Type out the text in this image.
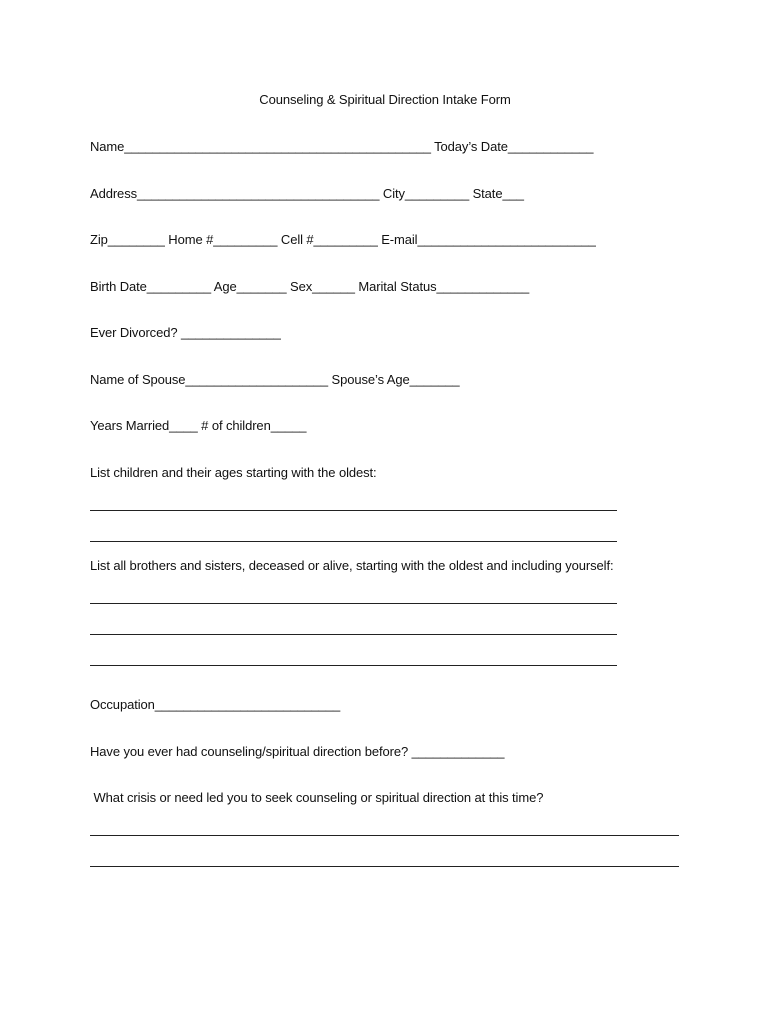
Counseling & Spiritual Direction Intake Form
Name___________________________________________ Today’s Date____________
Address__________________________________ City_________ State___
Zip________ Home #_________ Cell #_________ E-mail_________________________
Birth Date_________ Age_______ Sex______ Marital Status_____________
Ever Divorced? ______________
Name of Spouse____________________ Spouse’s Age_______
Years Married____ # of children_____
List children and their ages starting with the oldest:
List all brothers and sisters, deceased or alive, starting with the oldest and including yourself:
Occupation__________________________
Have you ever had counseling/spiritual direction before? _____________
What crisis or need led you to seek counseling or spiritual direction at this time?
